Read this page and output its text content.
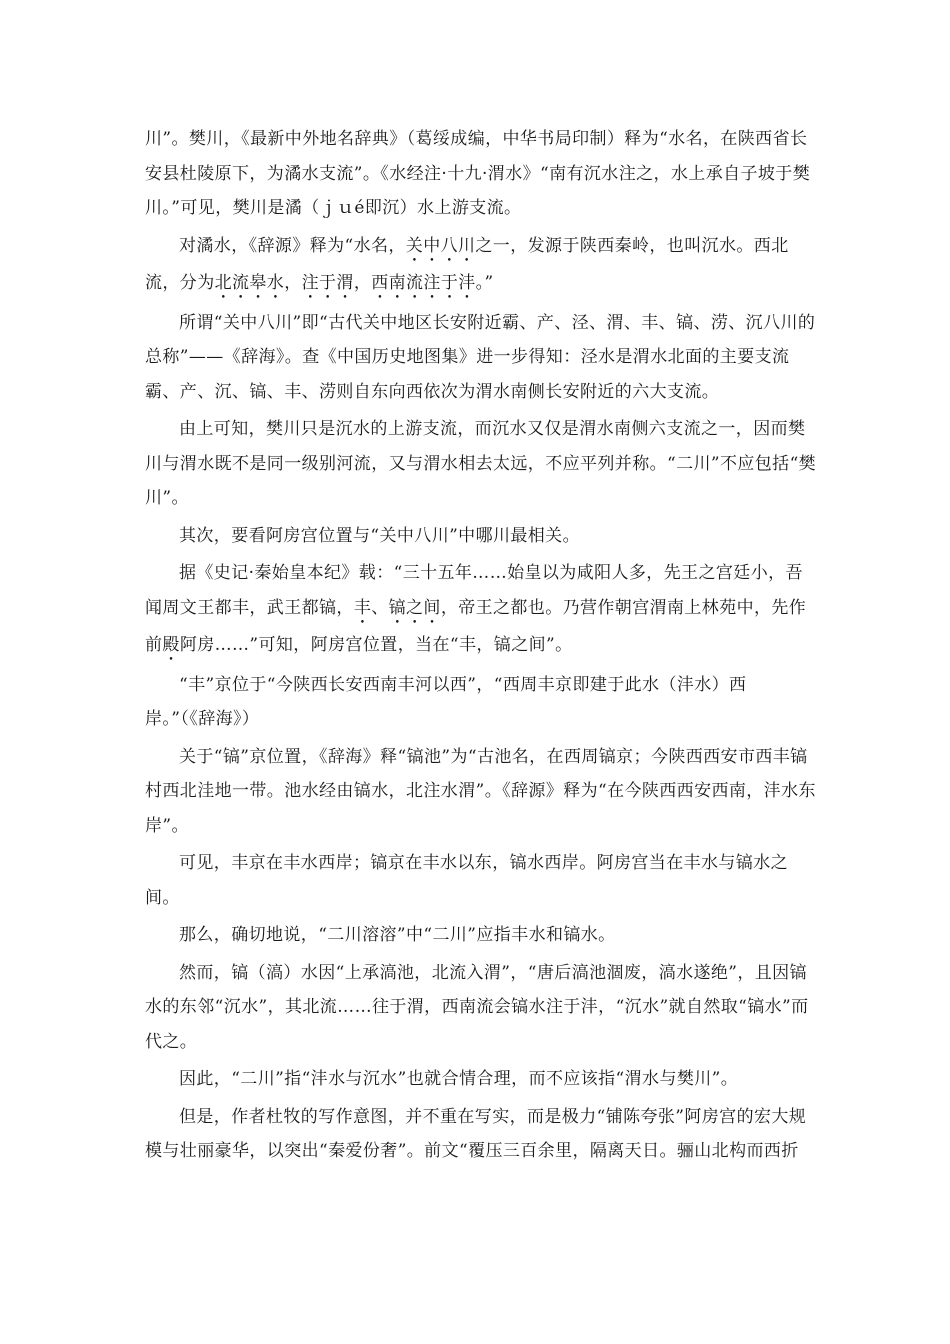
川”。樊川，《最新中外地名辞典》（葛绥成编，中华书局印制）释为“水名，在陕西省长安县杜陵原下，为潏水支流”。《水经注·十九·渭水》“南有沉水注之，水上承自子坡于樊川。”可见，樊川是潏（ｊｕé即沉）水上游支流。

对潏水，《辞源》释为“水名，关中八川之一，发源于陕西秦岭，也叫沉水。西北流，分为北流皋水，注于渭，西南流注于沣。”

所谓“关中八川”即“古代关中地区长安附近霸、产、泾、渭、丰、镐、涝、沉八川的总称”——《辞海》。查《中国历史地图集》进一步得知：泾水是渭水北面的主要支流霸、产、沉、镐、丰、涝则自东向西依次为渭水南侧长安附近的六大支流。

由上可知，樊川只是沉水的上游支流，而沉水又仅是渭水南侧六支流之一，因而樊川与渭水既不是同一级别河流，又与渭水相去太远，不应平列并称。“二川”不应包括“樊川”。

其次，要看阿房宫位置与“关中八川”中哪川最相关。

据《史记·秦始皇本纪》载：“三十五年……始皇以为咸阳人多，先王之宫廷小，吾闻周文王都丰，武王都镐，丰、镐之间，帝王之都也。乃营作朝宫渭南上林苑中，先作前殿阿房……”可知，阿房宫位置，当在“丰，镐之间”。

“丰”京位于“今陕西长安西南丰河以西”，“西周丰京即建于此水（沣水）西岸。”（《辞海》）

关于“镐”京位置，《辞海》释“镐池”为“古池名，在西周镐京；今陕西西安市西丰镐村西北洼地一带。池水经由镐水，北注水渭”。《辞源》释为“在今陕西西安西南，沣水东岸”。

可见，丰京在丰水西岸；镐京在丰水以东，镐水西岸。阿房宫当在丰水与镐水之间。

那么，确切地说，“二川溶溶”中“二川”应指丰水和镐水。

然而，镐（滈）水因“上承滈池，北流入渭”，“唐后滈池涸废，滈水遂绝”，且因镐水的东邻“沉水”，其北流……往于渭，西南流会镐水注于沣，“沉水”就自然取“镐水”而代之。

因此，“二川”指“沣水与沉水”也就合情合理，而不应该指“渭水与樊川”。

但是，作者杜牧的写作意图，并不重在写实，而是极力“铺陈夸张”阿房宫的宏大规模与壮丽豪华，以突出“秦爱份奢”。前文“覆压三百余里，隔离天日。骊山北构而西折
